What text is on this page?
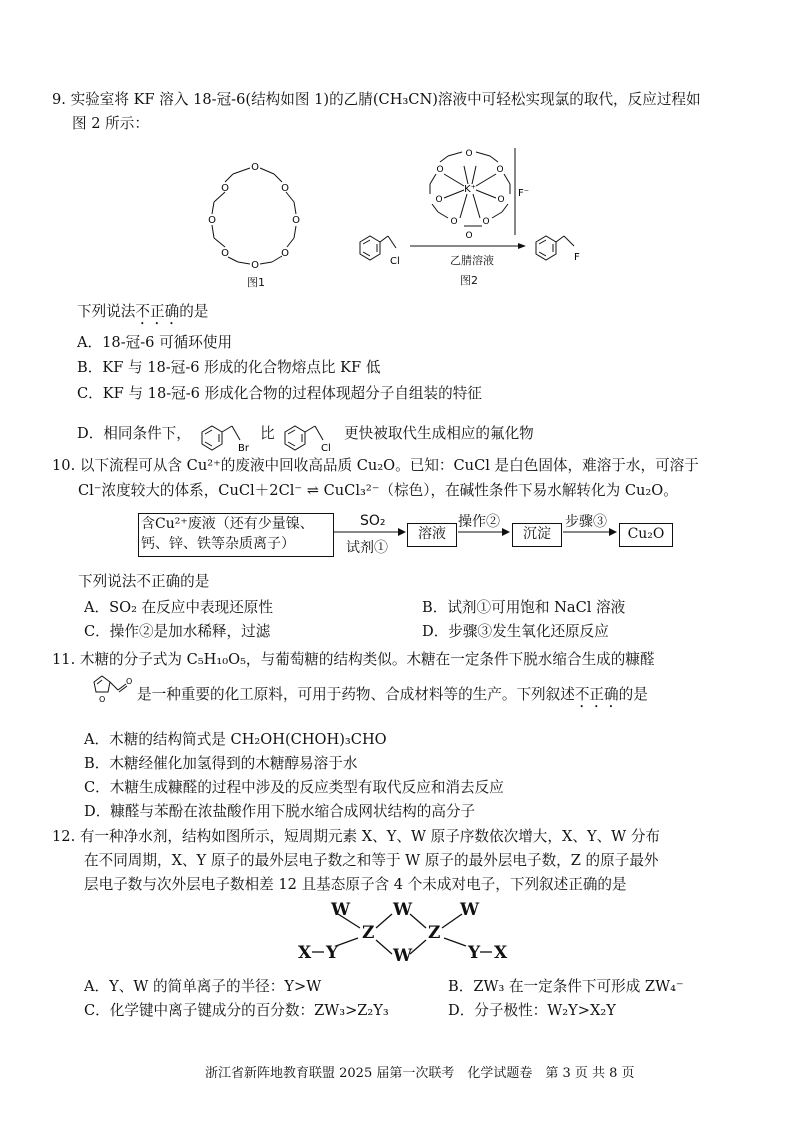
9. 实验室将 KF 溶入 18-冠-6(结构如图 1)的乙腈(CH₃CN)溶液中可轻松实现氯的取代，反应过程如
图 2 所示：
O
O	O
O	O
O	O
O
图1
Cl
O
O	O
O	O
O	O
O
K⁺	F⁻
F
乙腈溶液
图2
下列说法不正确的是
A．18-冠-6 可循环使用
B．KF 与 18-冠-6 形成的化合物熔点比 KF 低
C．KF 与 18-冠-6 形成化合物的过程体现超分子自组装的特征
D．相同条件下，
Br
比
Cl
更快被取代生成相应的氟化物
10. 以下流程可从含 Cu²⁺的废液中回收高品质 Cu₂O。已知：CuCl 是白色固体，难溶于水，可溶于
Cl⁻浓度较大的体系，CuCl＋2Cl⁻ ⇌ CuCl₃²⁻（棕色），在碱性条件下易水解转化为 Cu₂O。
含Cu²⁺废液（还有少量镍、
钙、锌、铁等杂质离子）
SO₂
试剂①
溶液
操作②
沉淀
步骤③
Cu₂O
下列说法不正确的是
A．SO₂ 在反应中表现还原性	B．试剂①可用饱和 NaCl 溶液
C．操作②是加水稀释，过滤	D．步骤③发生氧化还原反应
11. 木糖的分子式为 C₅H₁₀O₅，与葡萄糖的结构类似。木糖在一定条件下脱水缩合生成的糠醛
O
O
是一种重要的化工原料，可用于药物、合成材料等的生产。下列叙述不正确的是
A．木糖的结构简式是 CH₂OH(CHOH)₃CHO
B．木糖经催化加氢得到的木糖醇易溶于水
C．木糖生成糠醛的过程中涉及的反应类型有取代反应和消去反应
D．糠醛与苯酚在浓盐酸作用下脱水缩合成网状结构的高分子
12. 有一种净水剂，结构如图所示，短周期元素 X、Y、W 原子序数依次增大，X、Y、W 分布
在不同周期，X、Y 原子的最外层电子数之和等于 W 原子的最外层电子数，Z 的原子最外
层电子数与次外层电子数相差 12 且基态原子含 4 个未成对电子，下列叙述正确的是
W	W	W
Z	Z
W
X Y	Y X
A．Y、W 的简单离子的半径：Y>W	B．ZW₃ 在一定条件下可形成 ZW₄⁻
C．化学键中离子键成分的百分数：ZW₃>Z₂Y₃	D．分子极性：W₂Y>X₂Y
浙江省新阵地教育联盟 2025 届第一次联考　化学试题卷　第 3 页 共 8 页
